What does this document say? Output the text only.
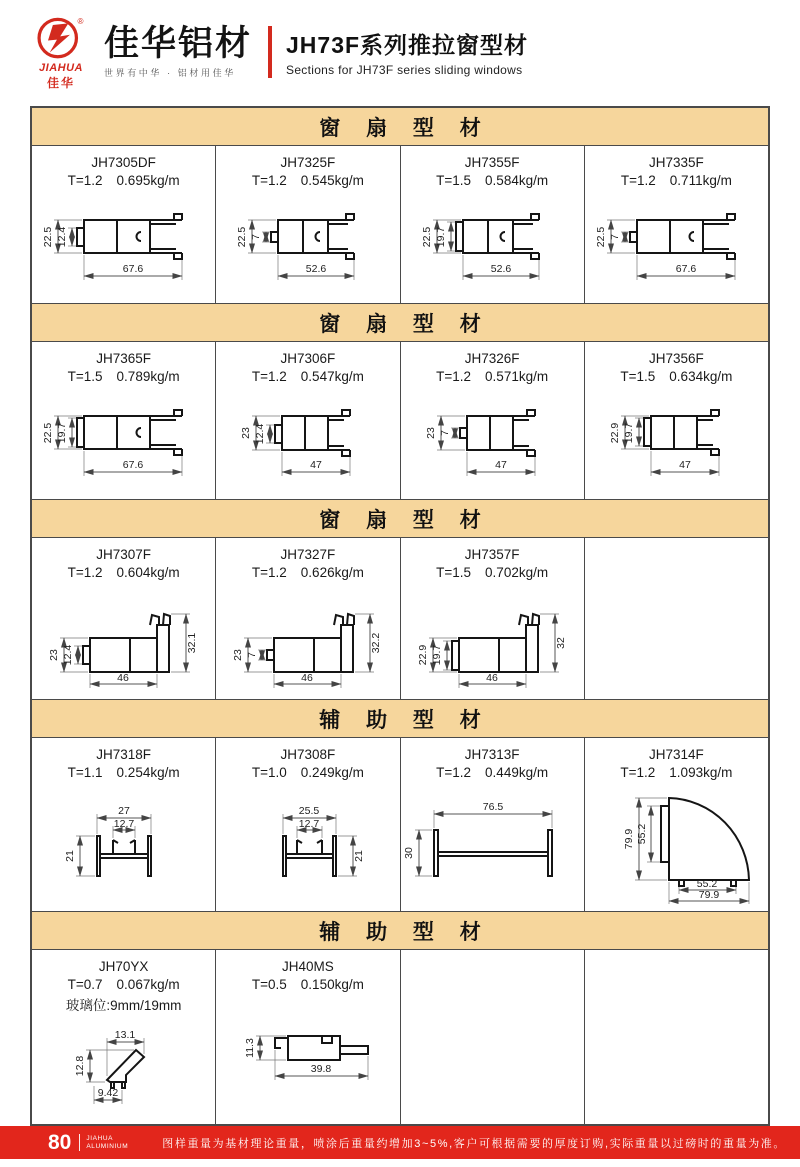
®
JIAHUA
佳华
佳华铝材
世界有中华 · 铝材用佳华
JH73F系列推拉窗型材
Sections for JH73F series sliding windows
窗 扇 型 材
JH7305DF
T=1.2 0.695kg/m
22.5 12.4
67.6
JH7325F
T=1.2 0.545kg/m
22.5 7
52.6
JH7355F
T=1.5 0.584kg/m
22.5 19.7
52.6
JH7335F
T=1.2 0.711kg/m
22.5 7
67.6
窗 扇 型 材
JH7365F
T=1.5 0.789kg/m
22.5 19.7
67.6
JH7306F
T=1.2 0.547kg/m
23 12.4
47
JH7326F
T=1.2 0.571kg/m
23 7
47
JH7356F
T=1.5 0.634kg/m
22.9 19.7
47
窗 扇 型 材
JH7307F
T=1.2 0.604kg/m
23 12.4
32.1
46
JH7327F
T=1.2 0.626kg/m
23 7
32.2
46
JH7357F
T=1.5 0.702kg/m
22.9 19.7
32
46
辅 助 型 材
JH7318F
T=1.1 0.254kg/m
27
12.7
21
JH7308F
T=1.0 0.249kg/m
25.5
12.7
21
JH7313F
T=1.2 0.449kg/m
76.5
30
JH7314F
T=1.2 1.093kg/m
79.9 55.2
55.2
79.9
辅 助 型 材
JH70YX
T=0.7 0.067kg/m
玻璃位:9mm/19mm
13.1
12.8
9.42
JH40MS
T=0.5 0.150kg/m
11.3
39.8
80 JIAHUA
ALUMINIUM	图样重量为基材理论重量，喷涂后重量约增加3~5%,客户可根据需要的厚度订购,实际重量以过磅时的重量为准。
